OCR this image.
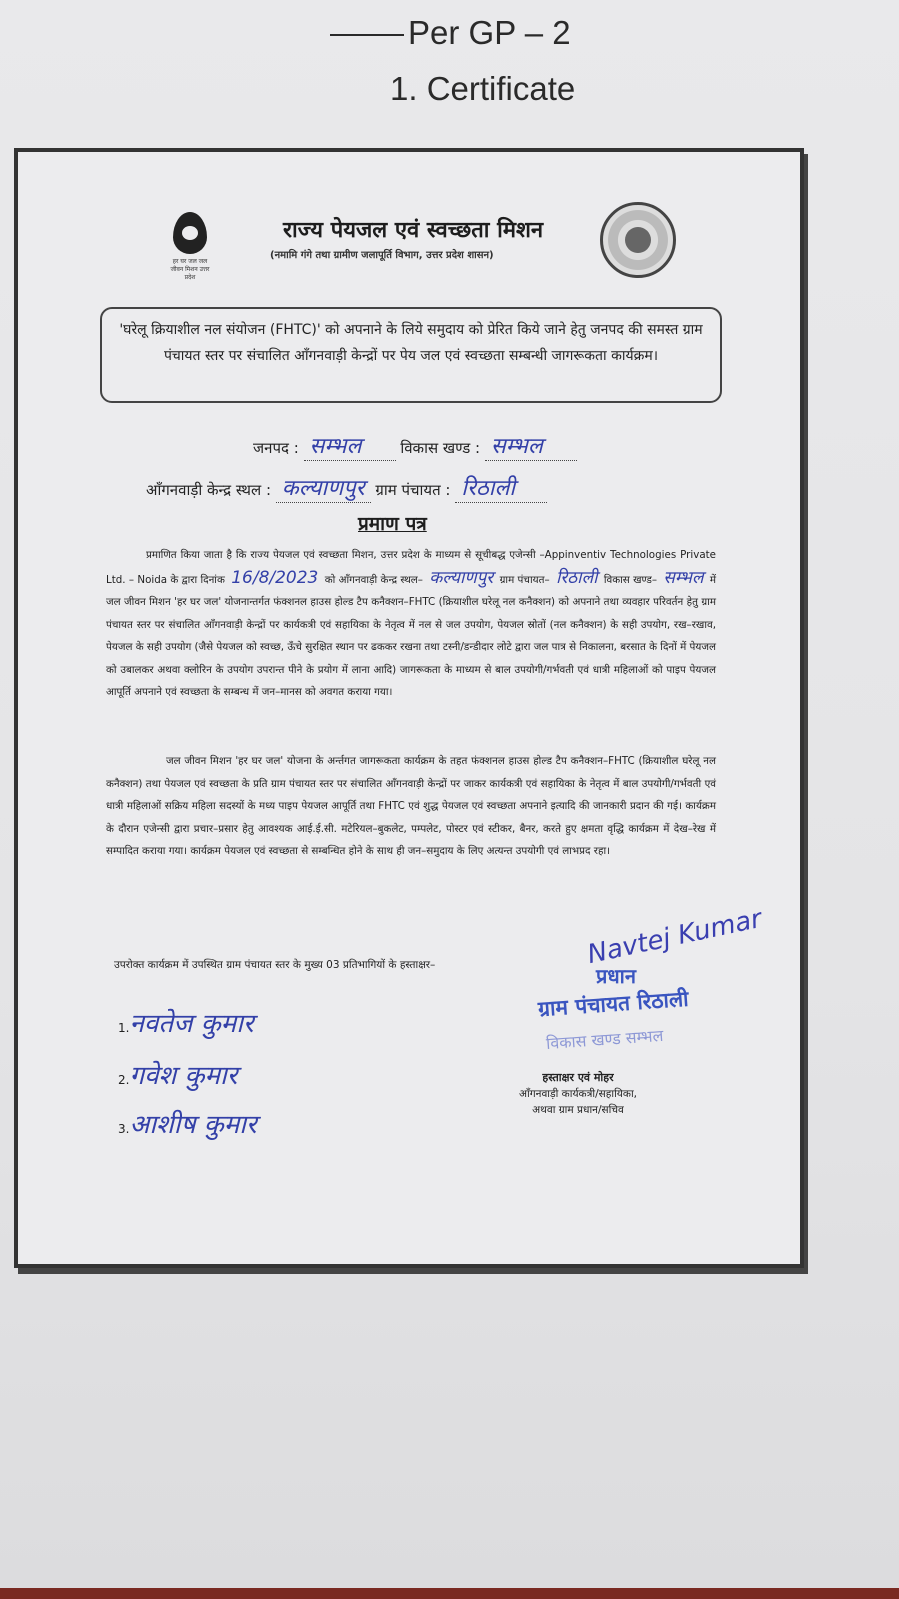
Per GP – 2
1. Certificate
हर घर जल जल जीवन मिशन उत्तर प्रदेश
राज्य पेयजल एवं स्वच्छता मिशन
(नमामि गंगे तथा ग्रामीण जलापूर्ति विभाग, उत्तर प्रदेश शासन)
'घरेलू क्रियाशील नल संयोजन (FHTC)' को अपनाने के लिये समुदाय को प्रेरित किये जाने हेतु जनपद की समस्त ग्राम पंचायत स्तर पर संचालित आँगनवाड़ी केन्द्रों पर पेय जल एवं स्वच्छता सम्बन्धी जागरूकता कार्यक्रम।
जनपद : सम्भल	विकास खण्ड : सम्भल
आँगनवाड़ी केन्द्र स्थल : कल्याणपुर ग्राम पंचायत : रिठाली
प्रमाण पत्र
प्रमाणित किया जाता है कि राज्य पेयजल एवं स्वच्छता मिशन, उत्तर प्रदेश के माध्यम से सूचीबद्ध एजेन्सी –Appinventiv Technologies Private Ltd. – Noida के द्वारा दिनांक 16/8/2023 को आँगनवाड़ी केन्द्र स्थल– कल्याणपुर ग्राम पंचायत– रिठाली विकास खण्ड– सम्भल में जल जीवन मिशन 'हर घर जल' योजनान्तर्गत फंक्शनल हाउस होल्ड टैप कनैक्शन–FHTC (क्रियाशील घरेलू नल कनैक्शन) को अपनाने तथा व्यवहार परिवर्तन हेतु ग्राम पंचायत स्तर पर संचालित आँगनवाड़ी केन्द्रों पर कार्यकत्री एवं सहायिका के नेतृत्व में नल से जल उपयोग, पेयजल स्रोतों (नल कनैक्शन) के सही उपयोग, रख–रखाव, पेयजल के सही उपयोग (जैसे पेयजल को स्वच्छ, ऊँचे सुरक्षित स्थान पर ढककर रखना तथा टस्नी/डन्डीदार लोटे द्वारा जल पात्र से निकालना, बरसात के दिनों में पेयजल को उबालकर अथवा क्लोरिन के उपयोग उपरान्त पीने के प्रयोग में लाना आदि) जागरूकता के माध्यम से बाल उपयोगी/गर्भवती एवं धात्री महिलाओं को पाइप पेयजल आपूर्ति अपनाने एवं स्वच्छता के सम्बन्ध में जन–मानस को अवगत कराया गया।
जल जीवन मिशन 'हर घर जल' योजना के अर्न्तगत जागरूकता कार्यक्रम के तहत फंक्शनल हाउस होल्ड टैप कनैक्शन–FHTC (क्रियाशील घरेलू नल कनैक्शन) तथा पेयजल एवं स्वच्छता के प्रति ग्राम पंचायत स्तर पर संचालित आँगनवाड़ी केन्द्रों पर जाकर कार्यकत्री एवं सहायिका के नेतृत्व में बाल उपयोगी/गर्भवती एवं धात्री महिलाओं सक्रिय महिला सदस्यों के मध्य पाइप पेयजल आपूर्ति तथा FHTC एवं शुद्ध पेयजल एवं स्वच्छता अपनाने इत्यादि की जानकारी प्रदान की गई। कार्यक्रम के दौरान एजेन्सी द्वारा प्रचार–प्रसार हेतु आवश्यक आई.ई.सी. मटेरियल–बुकलेट, पम्पलेट, पोस्टर एवं स्टीकर, बैनर, करते हुए क्षमता वृद्धि कार्यक्रम में देख–रेख में सम्पादित कराया गया। कार्यक्रम पेयजल एवं स्वच्छता से सम्बन्धित होने के साथ ही जन–समुदाय के लिए अत्यन्त उपयोगी एवं लाभप्रद रहा।
उपरोक्त कार्यक्रम में उपस्थित ग्राम पंचायत स्तर के मुख्य 03 प्रतिभागियों के हस्ताक्षर–
1.नवतेज कुमार
2.गवेश कुमार
3.आशीष कुमार
Navtej Kumar
प्रधान
ग्राम पंचायत रिठाली
विकास खण्ड सम्भल
हस्ताक्षर एवं मोहर
आँगनवाड़ी कार्यकत्री/सहायिका,
अथवा ग्राम प्रधान/सचिव
